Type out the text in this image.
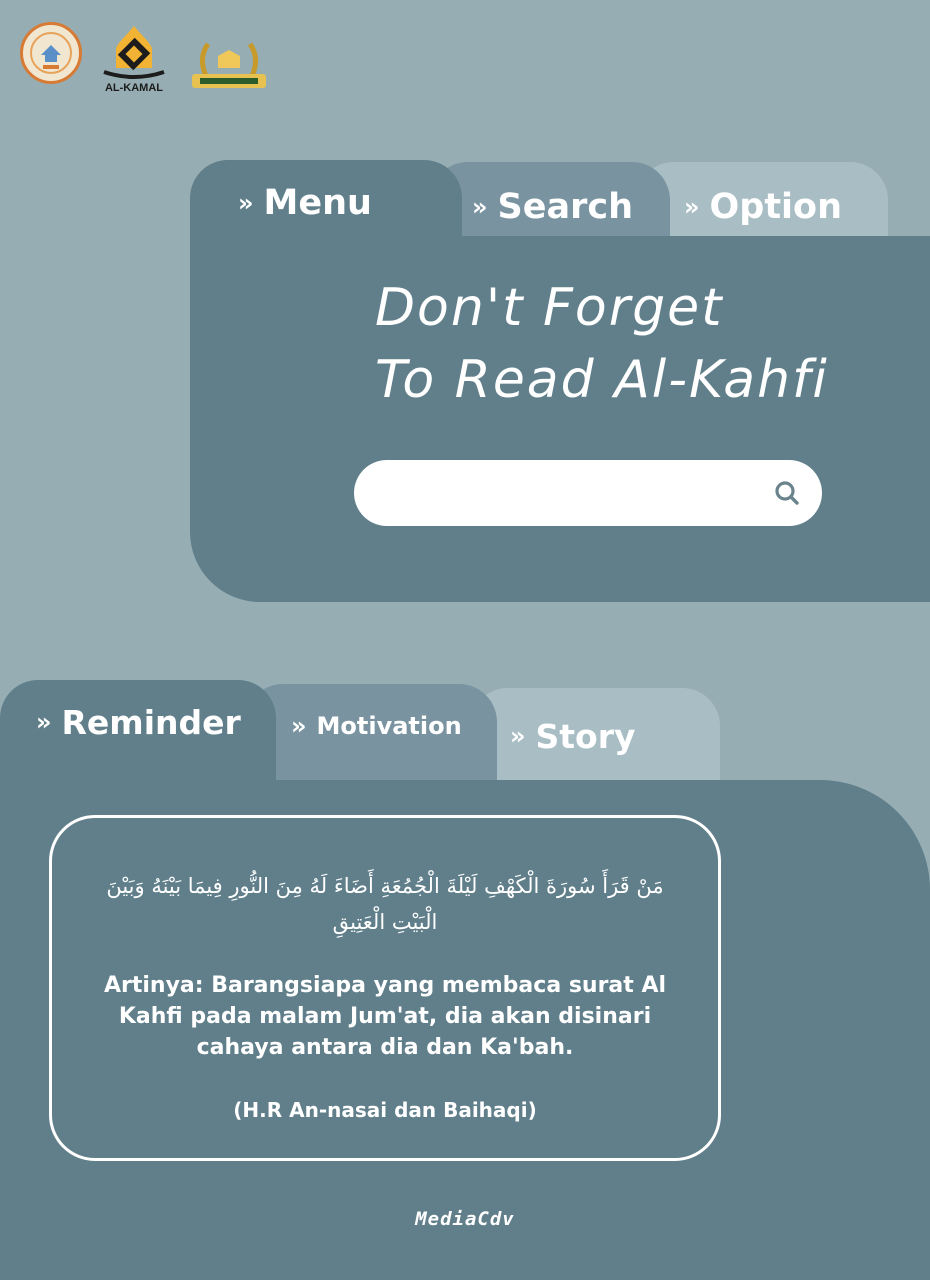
AL-KAMAL
» Option
» Search
» Menu
Don't Forget
To Read Al-Kahfi
» Story
» Motivation
» Reminder
مَنْ قَرَأَ سُورَةَ الْكَهْفِ لَيْلَةَ الْجُمُعَةِ أَضَاءَ لَهُ مِنَ النُّورِ فِيمَا بَيْنَهُ وَبَيْنَ الْبَيْتِ الْعَتِيقِ
Artinya: Barangsiapa yang membaca surat Al Kahfi pada malam Jum'at, dia akan disinari cahaya antara dia dan Ka'bah.
(H.R An-nasai dan Baihaqi)
MediaCdv
